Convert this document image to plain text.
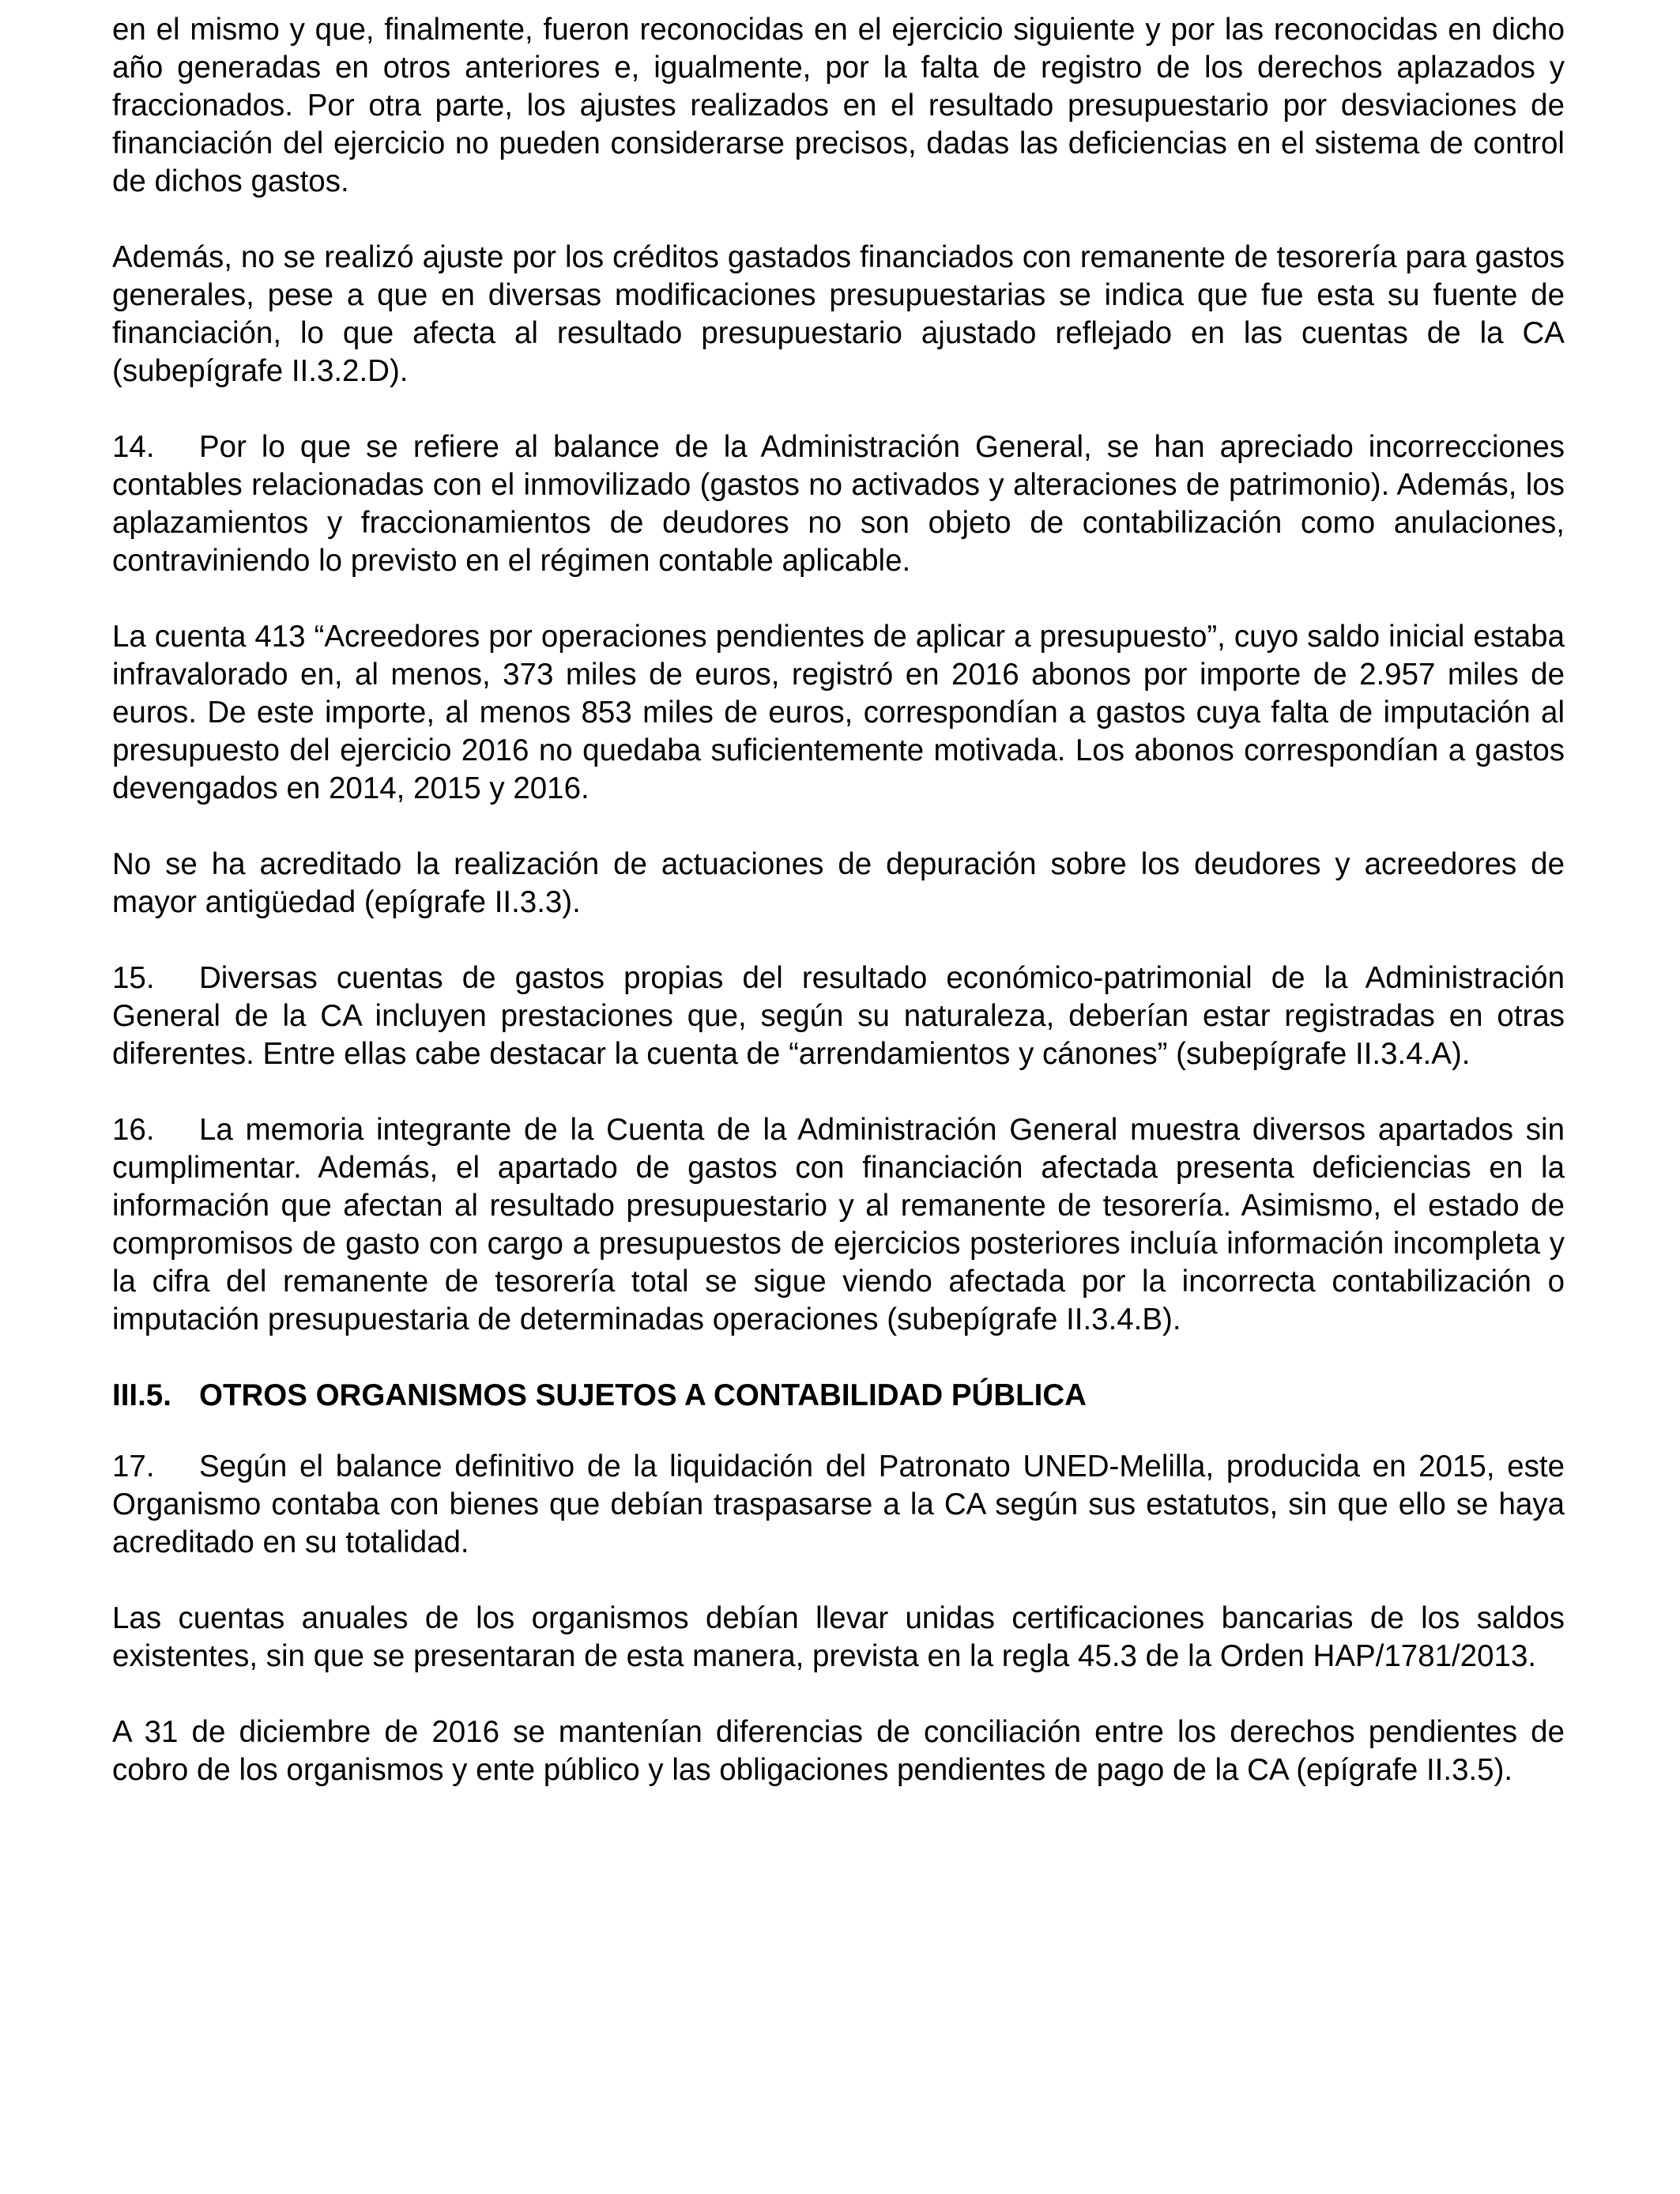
en el mismo y que, finalmente, fueron reconocidas en el ejercicio siguiente y por las reconocidas en dicho año generadas en otros anteriores e, igualmente, por la falta de registro de los derechos aplazados y fraccionados. Por otra parte, los ajustes realizados en el resultado presupuestario por desviaciones de financiación del ejercicio no pueden considerarse precisos, dadas las deficiencias en el sistema de control de dichos gastos.

Además, no se realizó ajuste por los créditos gastados financiados con remanente de tesorería para gastos generales, pese a que en diversas modificaciones presupuestarias se indica que fue esta su fuente de financiación, lo que afecta al resultado presupuestario ajustado reflejado en las cuentas de la CA (subepígrafe II.3.2.D).

14. Por lo que se refiere al balance de la Administración General, se han apreciado incorrecciones contables relacionadas con el inmovilizado (gastos no activados y alteraciones de patrimonio). Además, los aplazamientos y fraccionamientos de deudores no son objeto de contabilización como anulaciones, contraviniendo lo previsto en el régimen contable aplicable.

La cuenta 413 “Acreedores por operaciones pendientes de aplicar a presupuesto”, cuyo saldo inicial estaba infravalorado en, al menos, 373 miles de euros, registró en 2016 abonos por importe de 2.957 miles de euros. De este importe, al menos 853 miles de euros, correspondían a gastos cuya falta de imputación al presupuesto del ejercicio 2016 no quedaba suficientemente motivada. Los abonos correspondían a gastos devengados en 2014, 2015 y 2016.

No se ha acreditado la realización de actuaciones de depuración sobre los deudores y acreedores de mayor antigüedad (epígrafe II.3.3).

15. Diversas cuentas de gastos propias del resultado económico-patrimonial de la Administración General de la CA incluyen prestaciones que, según su naturaleza, deberían estar registradas en otras diferentes. Entre ellas cabe destacar la cuenta de “arrendamientos y cánones” (subepígrafe II.3.4.A).

16. La memoria integrante de la Cuenta de la Administración General muestra diversos apartados sin cumplimentar. Además, el apartado de gastos con financiación afectada presenta deficiencias en la información que afectan al resultado presupuestario y al remanente de tesorería. Asimismo, el estado de compromisos de gasto con cargo a presupuestos de ejercicios posteriores incluía información incompleta y la cifra del remanente de tesorería total se sigue viendo afectada por la incorrecta contabilización o imputación presupuestaria de determinadas operaciones (subepígrafe II.3.4.B).

III.5. OTROS ORGANISMOS SUJETOS A CONTABILIDAD PÚBLICA

17. Según el balance definitivo de la liquidación del Patronato UNED-Melilla, producida en 2015, este Organismo contaba con bienes que debían traspasarse a la CA según sus estatutos, sin que ello se haya acreditado en su totalidad.

Las cuentas anuales de los organismos debían llevar unidas certificaciones bancarias de los saldos existentes, sin que se presentaran de esta manera, prevista en la regla 45.3 de la Orden HAP/1781/2013.

A 31 de diciembre de 2016 se mantenían diferencias de conciliación entre los derechos pendientes de cobro de los organismos y ente público y las obligaciones pendientes de pago de la CA (epígrafe II.3.5).
